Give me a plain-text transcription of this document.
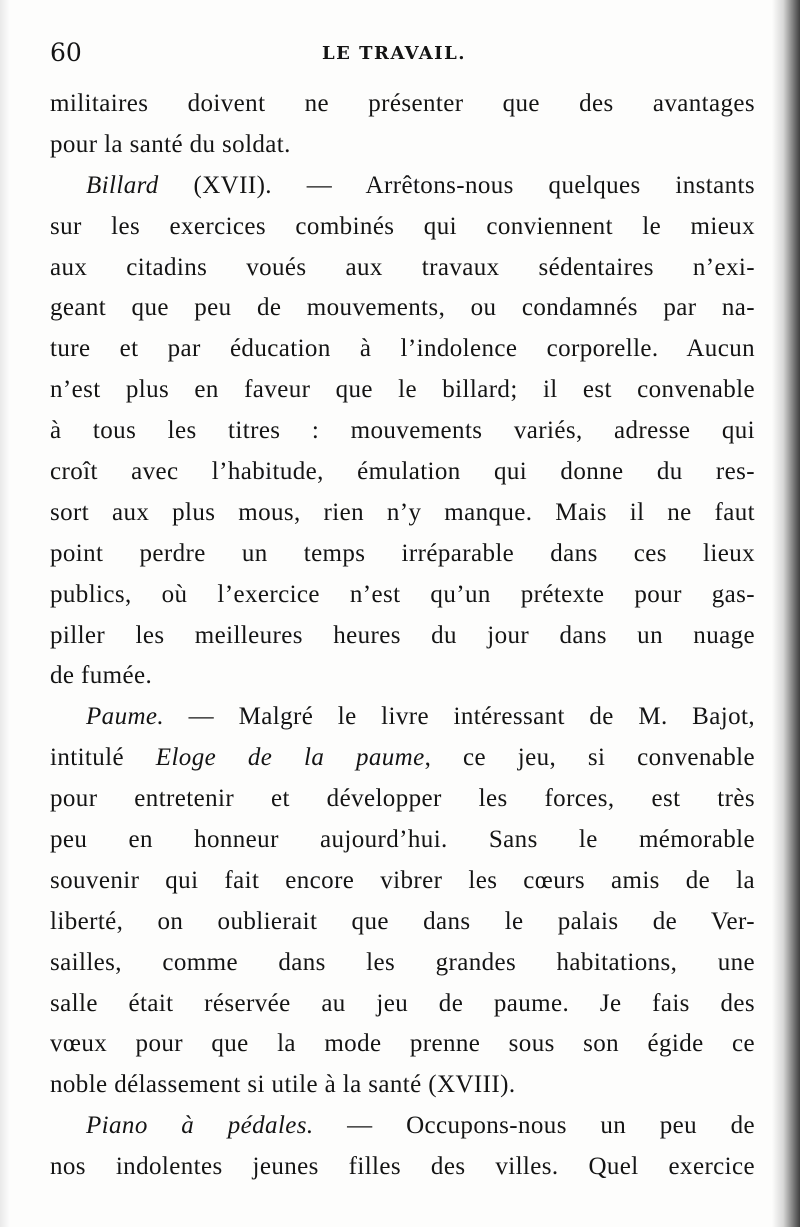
60	LE TRAVAIL.
militaires doivent ne présenter que des avantages
pour la santé du soldat.
Billard (XVII). — Arrêtons-nous quelques instants
sur les exercices combinés qui conviennent le mieux
aux citadins voués aux travaux sédentaires n’exi-
geant que peu de mouvements, ou condamnés par na-
ture et par éducation à l’indolence corporelle. Aucun
n’est plus en faveur que le billard; il est convenable
à tous les titres : mouvements variés, adresse qui
croît avec l’habitude, émulation qui donne du res-
sort aux plus mous, rien n’y manque. Mais il ne faut
point perdre un temps irréparable dans ces lieux
publics, où l’exercice n’est qu’un prétexte pour gas-
piller les meilleures heures du jour dans un nuage
de fumée.
Paume. — Malgré le livre intéressant de M. Bajot,
intitulé Eloge de la paume, ce jeu, si convenable
pour entretenir et développer les forces, est très
peu en honneur aujourd’hui. Sans le mémorable
souvenir qui fait encore vibrer les cœurs amis de la
liberté, on oublierait que dans le palais de Ver-
sailles, comme dans les grandes habitations, une
salle était réservée au jeu de paume. Je fais des
vœux pour que la mode prenne sous son égide ce
noble délassement si utile à la santé (XVIII).
Piano à pédales. — Occupons-nous un peu de
nos indolentes jeunes filles des villes. Quel exercice
